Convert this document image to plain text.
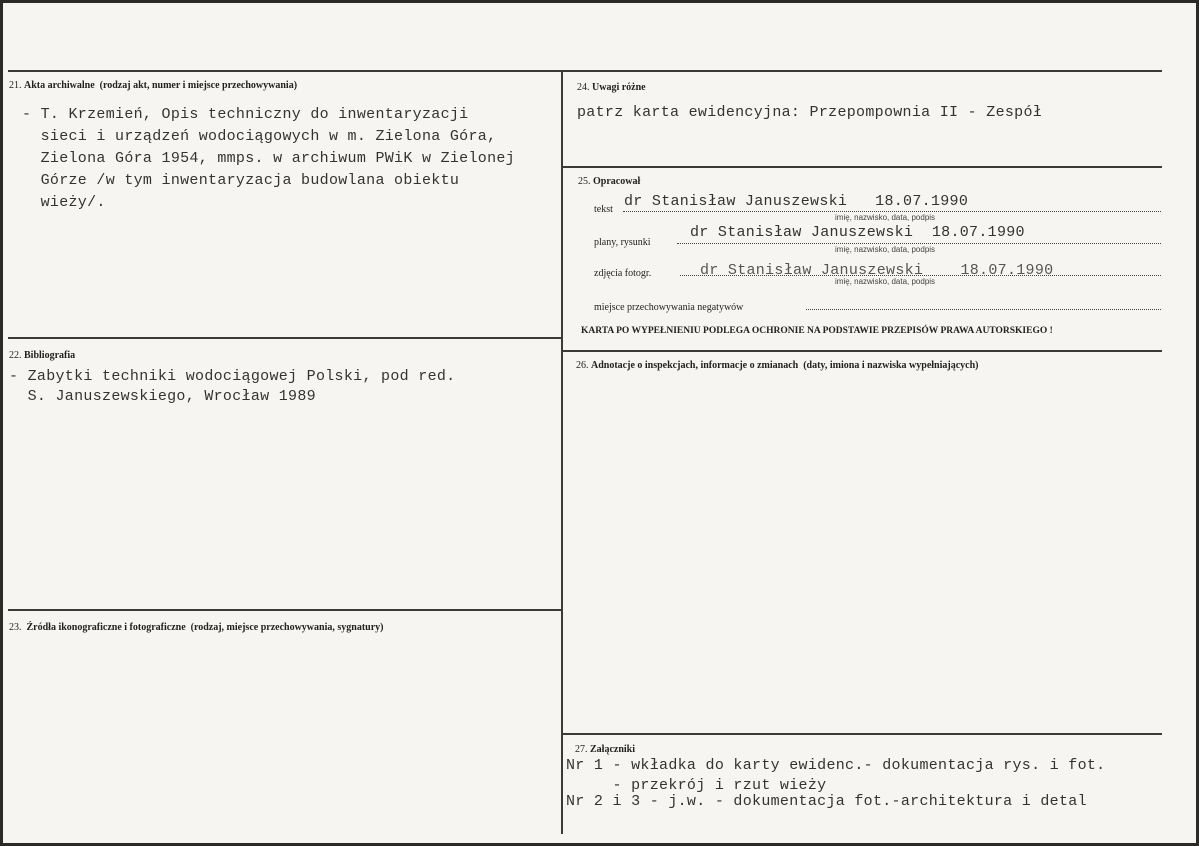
21. Akta archiwalne (rodzaj akt, numer i miejsce przechowywania)
- T. Krzemień, Opis techniczny do inwentaryzacji
sieci i urządzeń wodociągowych w m. Zielona Góra,
Zielona Góra 1954, mmps. w archiwum PWiK w Zielonej
Górze /w tym inwentaryzacja budowlana obiektu
wieży/.
22. Bibliografia
- Zabytki techniki wodociągowej Polski, pod red.
S. Januszewskiego, Wrocław 1989
23. Źródła ikonograficzne i fotograficzne (rodzaj, miejsce przechowywania, sygnatury)
24. Uwagi różne
patrz karta ewidencyjna: Przepompownia II - Zespół
25. Opracował
tekst dr Stanisław Januszewski   18.07.1990
imię, nazwisko, data, podpis
plany, rysunki
dr Stanisław Januszewski  18.07.1990
imię, nazwisko, data, podpis
zdjęcia fotogr.	dr Stanisław Januszewski    18.07.1990
imię, nazwisko, data, podpis
miejsce przechowywania negatywów
KARTA PO WYPEŁNIENIU PODLEGA OCHRONIE NA PODSTAWIE PRZEPISÓW PRAWA AUTORSKIEGO !
26. Adnotacje o inspekcjach, informacje o zmianach (daty, imiona i nazwiska wypełniających)
27. Załączniki
Nr 1 - wkładka do karty ewidenc.- dokumentacja rys. i fot.
- przekrój i rzut wieży
Nr 2 i 3 - j.w. - dokumentacja fot.-architektura i detal
